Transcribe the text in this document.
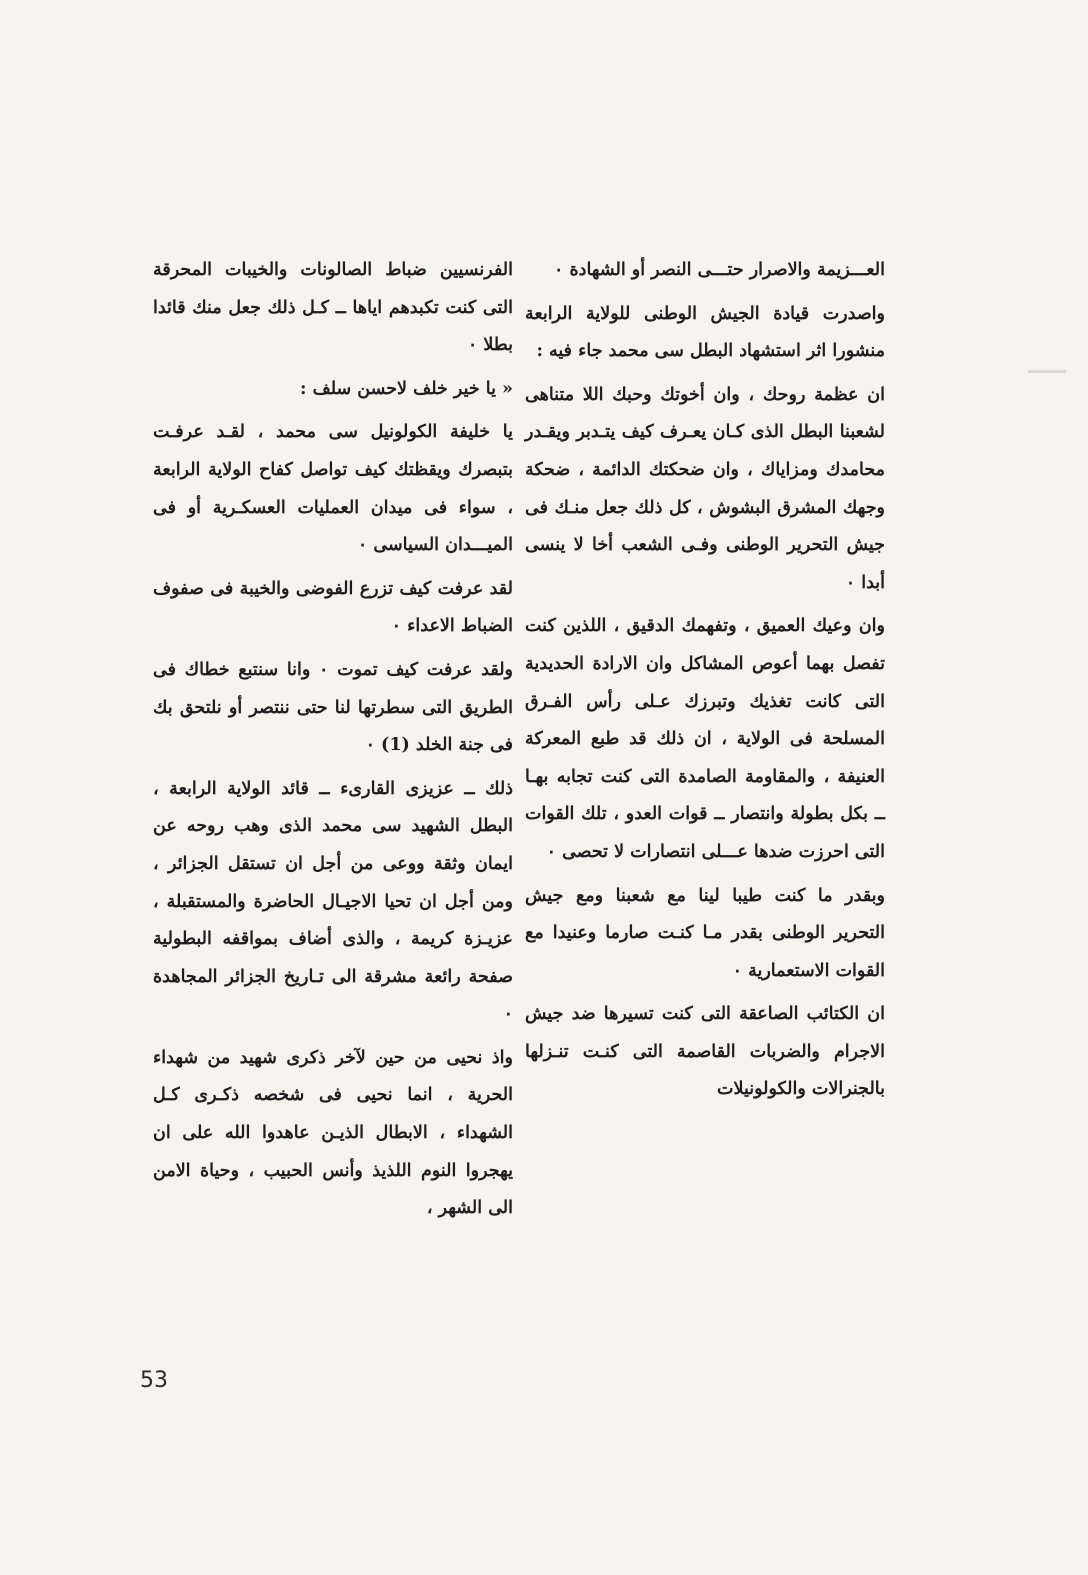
العـــزيمة والاصرار حتـــى النصر أو الشهادة ٠

واصدرت قيادة الجيش الوطنى للولاية الرابعة منشورا اثر استشهاد البطل سى محمد جاء فيه :

ان عظمة روحك ، وان أخوتك وحبك اللا متناهى لشعبنا البطل الذى كـان يعـرف كيف يتـدبر ويقـدر محامدك ومزاياك ، وان ضحكتك الدائمة ، ضحكة وجهك المشرق البشوش ، كل ذلك جعل منـك فى جيش التحرير الوطنى وفـى الشعب أخا لا ينسى أبدا ٠

وان وعيك العميق ، وتفهمك الدقيق ، اللذين كنت تفصل بهما أعوص المشاكل وان الارادة الحديدية التى كانت تغذيك وتبرزك عـلى رأس الفـرق المسلحة فى الولاية ، ان ذلك قد طبع المعركة العنيفة ، والمقاومة الصامدة التى كنت تجابه بهـا ــ بكل بطولة وانتصار ــ قوات العدو ، تلك القوات التى احرزت ضدها عـــلى انتصارات لا تحصى ٠

وبقدر ما كنت طيبا لينا مع شعبنا ومع جيش التحرير الوطنى بقدر مـا كنـت صارما وعنيدا مع القوات الاستعمارية ٠

ان الكتائب الصاعقة التى كنت تسيرها ضد جيش الاجرام والضربات القاصمة التى كنـت تنـزلها بالجنرالات والكولونيلات

الفرنسيين ضباط الصالونات والخيبات المحرقة التى كنت تكبدهم اياها ــ كـل ذلك جعل منك قائدا بطلا ٠

« يا خير خلف لاحسن سلف :

يا خليفة الكولونيل سى محمد ، لقـد عرفـت بتبصرك ويقظتك كيف تواصل كفاح الولاية الرابعة ، سواء فى ميدان العمليات العسكـرية أو فى الميـــدان السياسى ٠

لقد عرفت كيف تزرع الفوضى والخيبة فى صفوف الضباط الاعداء ٠

ولقد عرفت كيف تموت ٠ وانا سنتبع خطاك فى الطريق التى سطرتها لنا حتى ننتصر أو نلتحق بك فى جنة الخلد (1) ٠

ذلك ــ عزيزى القارىء ــ قائد الولاية الرابعة ، البطل الشهيد سى محمد الذى وهب روحه عن ايمان وثقة ووعى من أجل ان تستقل الجزائر ، ومن أجل ان تحيا الاجيـال الحاضرة والمستقبلة ، عزيـزة كريمة ، والذى أضاف بمواقفه البطولية صفحة رائعة مشرقة الى تـاريخ الجزائر المجاهدة ٠

واذ نحيى من حين لآخر ذكرى شهيد من شهداء الحرية ، انما نحيى فى شخصه ذكـرى كـل الشهداء ، الابطال الذيـن عاهدوا الله على ان يهجروا النوم اللذيذ وأنس الحبيب ، وحياة الامن الى الشهر ،

53
